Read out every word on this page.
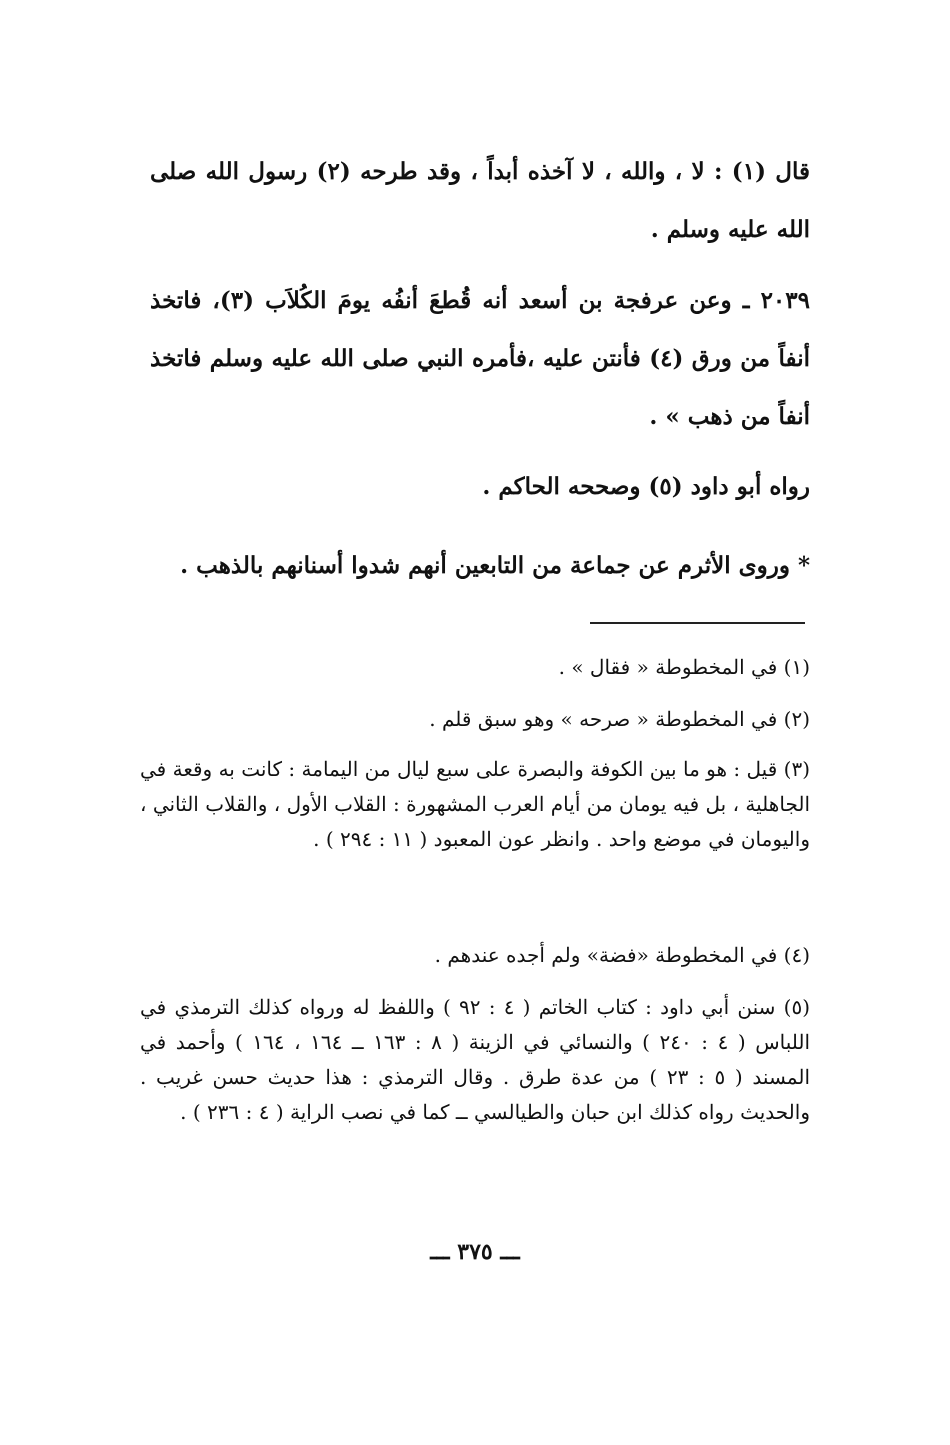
قال (١) : لا ، والله ، لا آخذه أبداً ، وقد طرحه (٢) رسول الله صلى الله عليه وسلم .
٢٠٣٩ ـ وعن عرفجة بن أسعد أنه قُطعَ أنفُه يومَ الكُلاَب (٣)، فاتخذ أنفاً من ورق (٤) فأنتن عليه ،فأمره النبي صلى الله عليه وسلم فاتخذ أنفاً من ذهب » .
رواه أبو داود (٥) وصححه الحاكم .
* وروى الأثرم عن جماعة من التابعين أنهم شدوا أسنانهم بالذهب .
(١) في المخطوطة « فقال » .
(٢) في المخطوطة « صرحه » وهو سبق قلم .
(٣) قيل : هو ما بين الكوفة والبصرة على سبع ليال من اليمامة : كانت به وقعة في الجاهلية ، بل فيه يومان من أيام العرب المشهورة : القلاب الأول ، والقلاب الثاني ، واليومان في موضع واحد . وانظر عون المعبود ( ١١ : ٢٩٤ ) .
(٤) في المخطوطة «فضة» ولم أجده عندهم .
(٥) سنن أبي داود : كتاب الخاتم ( ٤ : ٩٢ ) واللفظ له ورواه كذلك الترمذي في اللباس ( ٤ : ٢٤٠ ) والنسائي في الزينة ( ٨ : ١٦٣ ــ ١٦٤ ، ١٦٤ ) وأحمد في المسند ( ٥ : ٢٣ ) من عدة طرق . وقال الترمذي : هذا حديث حسن غريب . والحديث رواه كذلك ابن حبان والطيالسي ــ كما في نصب الراية ( ٤ : ٢٣٦ ) .
ـــ ٣٧٥ ـــ
